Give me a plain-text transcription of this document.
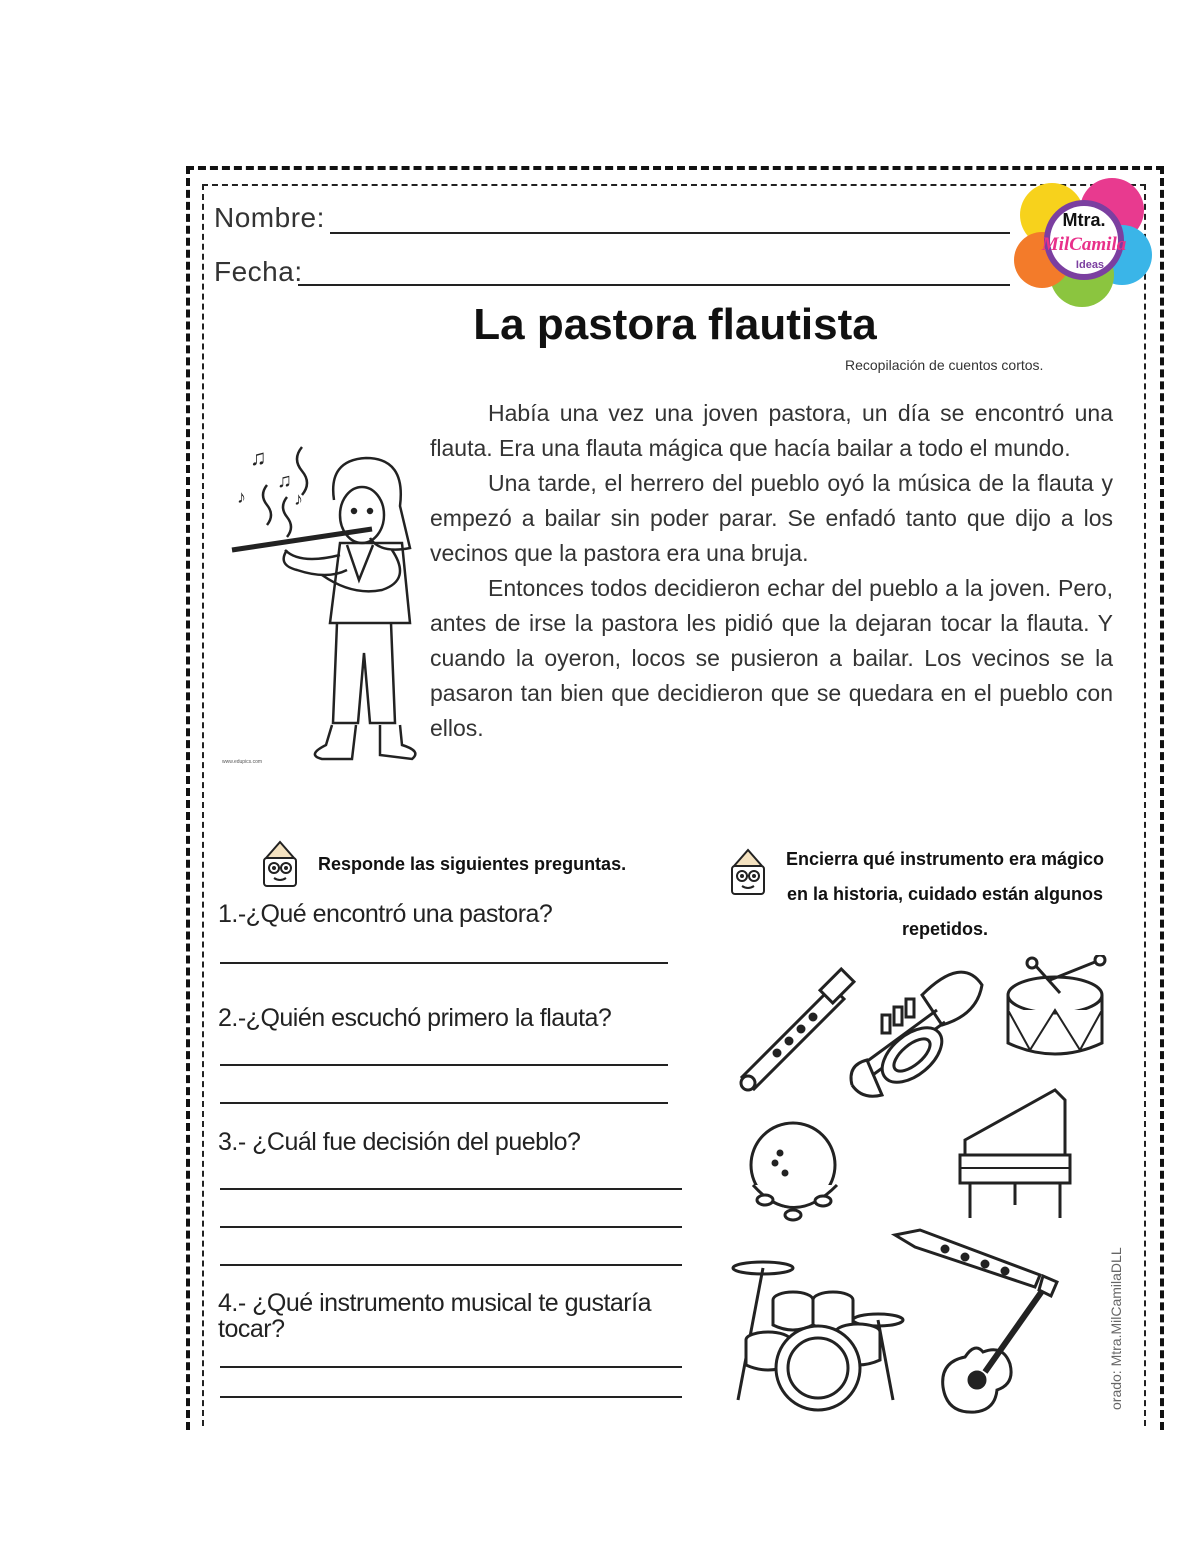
Nombre:
Fecha:
Mtra.
MilCamila
Ideas
La pastora flautista
Recopilación de cuentos cortos.
♫
♫
♪	♪
www.edupics.com

Había una vez una joven pastora, un día se encontró una flauta. Era una flauta mágica que hacía bailar a todo el mundo.

Una tarde, el herrero del pueblo oyó la música de la flauta y empezó a bailar sin poder parar. Se enfadó tanto que dijo a los vecinos que la pastora era una bruja.

Entonces todos decidieron echar del pueblo a la joven. Pero, antes de irse la pastora les pidió que la dejaran tocar la flauta. Y cuando la oyeron, locos se pusieron a bailar. Los vecinos se la pasaron tan bien que decidieron que se quedara en el pueblo con ellos.

Responde las siguientes preguntas.	Encierra qué instrumento era mágico
en la historia, cuidado están algunos
repetidos.
1.-¿Qué encontró una pastora?
2.-¿Quién escuchó primero la flauta?
3.- ¿Cuál fue decisión del pueblo?
4.- ¿Qué instrumento musical te gustaría tocar?	orado: Mtra.MilCamilaDLL
